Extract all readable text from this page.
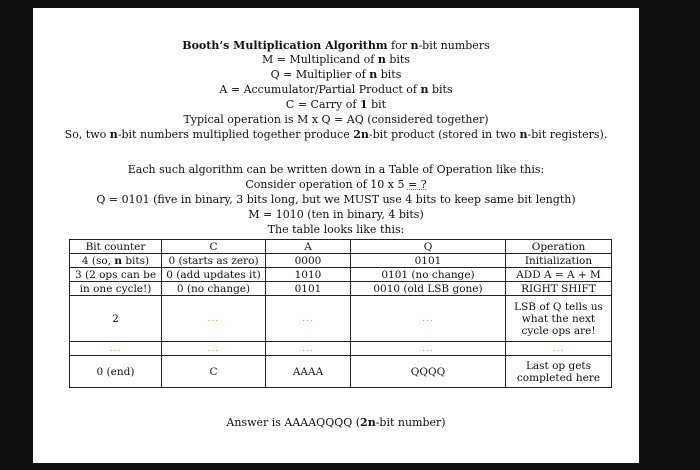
Booth’s Multiplication Algorithm for n-bit numbers
M = Multiplicand of n bits
Q = Multiplier of n bits
A = Accumulator/Partial Product of n bits
C = Carry of 1 bit
Typical operation is M x Q = AQ (considered together)
So, two n-bit numbers multiplied together produce 2n-bit product (stored in two n-bit registers).
Each such algorithm can be written down in a Table of Operation like this:
Consider operation of 10 x 5 = ?
Q = 0101 (five in binary, 3 bits long, but we MUST use 4 bits to keep same bit length)
M = 1010 (ten in binary, 4 bits)
The table looks like this:
Bit counter	C	A	Q	Operation
4 (so, n bits)	0 (starts as zero)	0000	0101	Initialization
3 (2 ops can be	0 (add updates it)	1010	0101 (no change)	ADD A = A + M
in one cycle!)	0 (no change)	0101	0010 (old LSB gone)	RIGHT SHIFT
2	...	...	...	LSB of Q tells us what the next cycle ops are!
...	...	...	...	...
0 (end)	C	AAAA	QQQQ	Last op gets completed here
Answer is AAAAQQQQ (2n-bit number)
